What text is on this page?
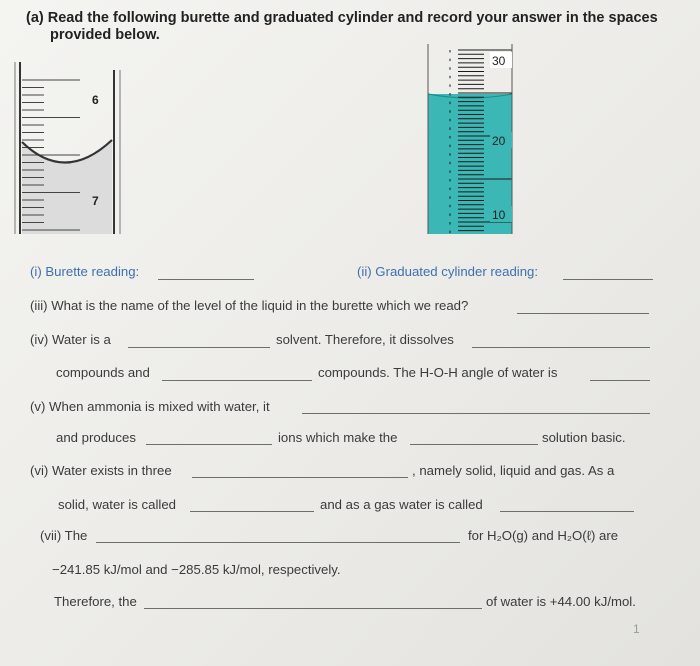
(a) Read the following burette and graduated cylinder and record your answer in the spaces
provided below.
6
7
30
20
10
(i) Burette reading:	(ii) Graduated cylinder reading:
(iii) What is the name of the level of the liquid in the burette which we read?
(iv) Water is a	solvent. Therefore, it dissolves
compounds and	compounds. The H-O-H angle of water is
(v) When ammonia is mixed with water, it
and produces	ions which make the	solution basic.
(vi) Water exists in three	, namely solid, liquid and gas. As a
solid, water is called	and as a gas water is called
(vii) The	for H₂O(g) and H₂O(ℓ) are
−241.85 kJ/mol and −285.85 kJ/mol, respectively.
Therefore, the	of water is +44.00 kJ/mol.
1
